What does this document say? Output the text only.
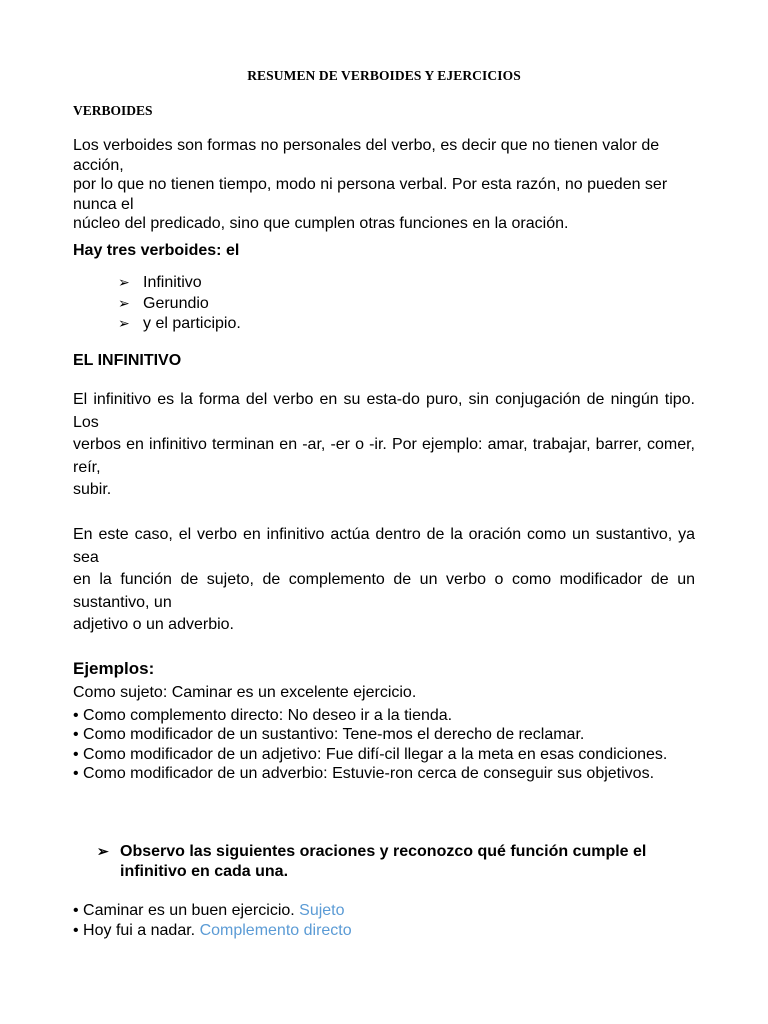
RESUMEN DE VERBOIDES Y EJERCICIOS
VERBOIDES

Los verboides son formas no personales del verbo, es decir que no tienen valor de acción,

por lo que no tienen tiempo, modo ni persona verbal. Por esta razón, no pueden ser nunca el

núcleo del predicado, sino que cumplen otras funciones en la oración.

Hay tres verboides: el
➢ Infinitivo
➢ Gerundio
➢ y el participio.
EL INFINITIVO

El infinitivo es la forma del verbo en su esta-do puro, sin conjugación de ningún tipo. Los

verbos en infinitivo terminan en -ar, -er o -ir. Por ejemplo: amar, trabajar, barrer, comer, reír,

subir.

En este caso, el verbo en infinitivo actúa dentro de la oración como un sustantivo, ya sea

en la función de sujeto, de complemento de un verbo o como modificador de un sustantivo, un

adjetivo o un adverbio.

Ejemplos:

Como sujeto: Caminar es un excelente ejercicio.

• Como complemento directo: No deseo ir a la tienda.

• Como modificador de un sustantivo: Tene-mos el derecho de reclamar.

• Como modificador de un adjetivo: Fue difí-cil llegar a la meta en esas condiciones.

• Como modificador de un adverbio: Estuvie-ron cerca de conseguir sus objetivos.

➢ Observo las siguientes oraciones y reconozco qué función cumple el infinitivo en cada una.

• Caminar es un buen ejercicio. Sujeto

• Hoy fui a nadar. Complemento directo
